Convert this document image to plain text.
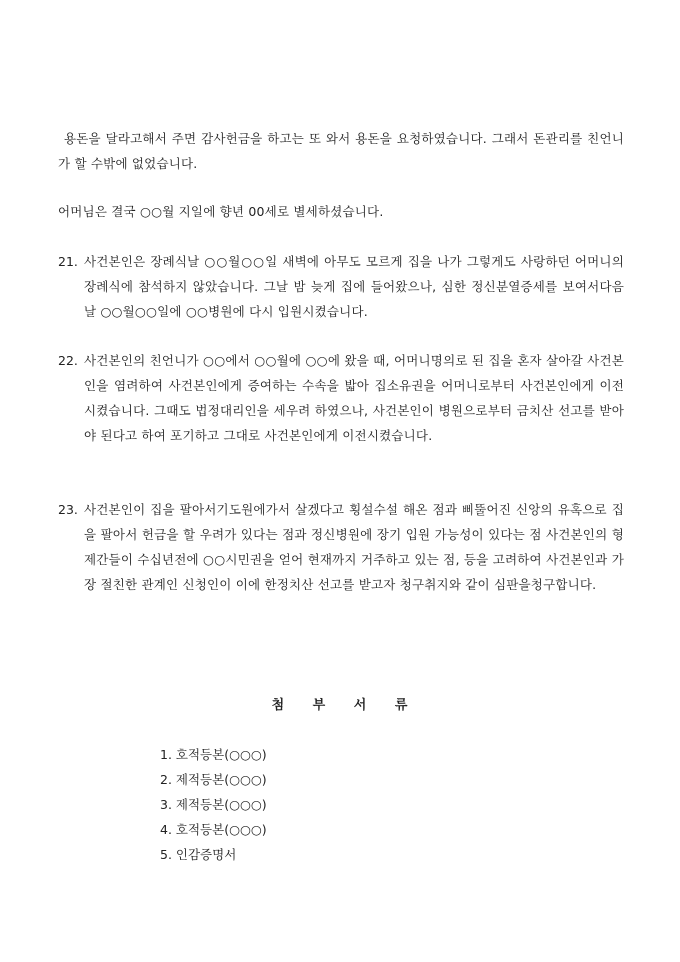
용돈을 달라고해서 주면 감사헌금을 하고는 또 와서 용돈을 요청하였습니다. 그래서 돈관리를 친언니가 할 수밖에 없었습니다.

어머님은 결국 ○○월 지일에 향년 00세로 별세하셨습니다.

21. 사건본인은 장례식날 ○○월○○일 새벽에 아무도 모르게 집을 나가 그렇게도 사랑하던 어머니의 장례식에 참석하지 않았습니다. 그날 밤 늦게 집에 들어왔으나, 심한 정신분열증세를 보여서다음날 ○○월○○일에 ○○병원에 다시 입원시켰습니다.

22. 사건본인의 친언니가 ○○에서 ○○월에 ○○에 왔을 때, 어머니명의로 된 집을 혼자 살아갈 사건본인을 염려하여 사건본인에게 증여하는 수속을 밟아 집소유권을 어머니로부터 사건본인에게 이전시켰습니다. 그때도 법정대리인을 세우려 하였으나, 사건본인이 병원으로부터 금치산 선고를 받아야 된다고 하여 포기하고 그대로 사건본인에게 이전시켰습니다.

23. 사건본인이 집을 팔아서기도원에가서 살겠다고 횡설수설 해온 점과 삐뚤어진 신앙의 유혹으로 집을 팔아서 헌금을 할 우려가 있다는 점과 정신병원에 장기 입원 가능성이 있다는 점 사건본인의 형제간들이 수십년전에 ○○시민권을 얻어 현재까지 거주하고 있는 점, 등을 고려하여 사건본인과 가장 절친한 관계인 신청인이 이에 한정치산 선고를 받고자 청구취지와 같이 심판을청구합니다.

첨 부 서 류
1. 호적등본(○○○)
2. 제적등본(○○○)
3. 제적등본(○○○)
4. 호적등본(○○○)
5. 인감증명서
